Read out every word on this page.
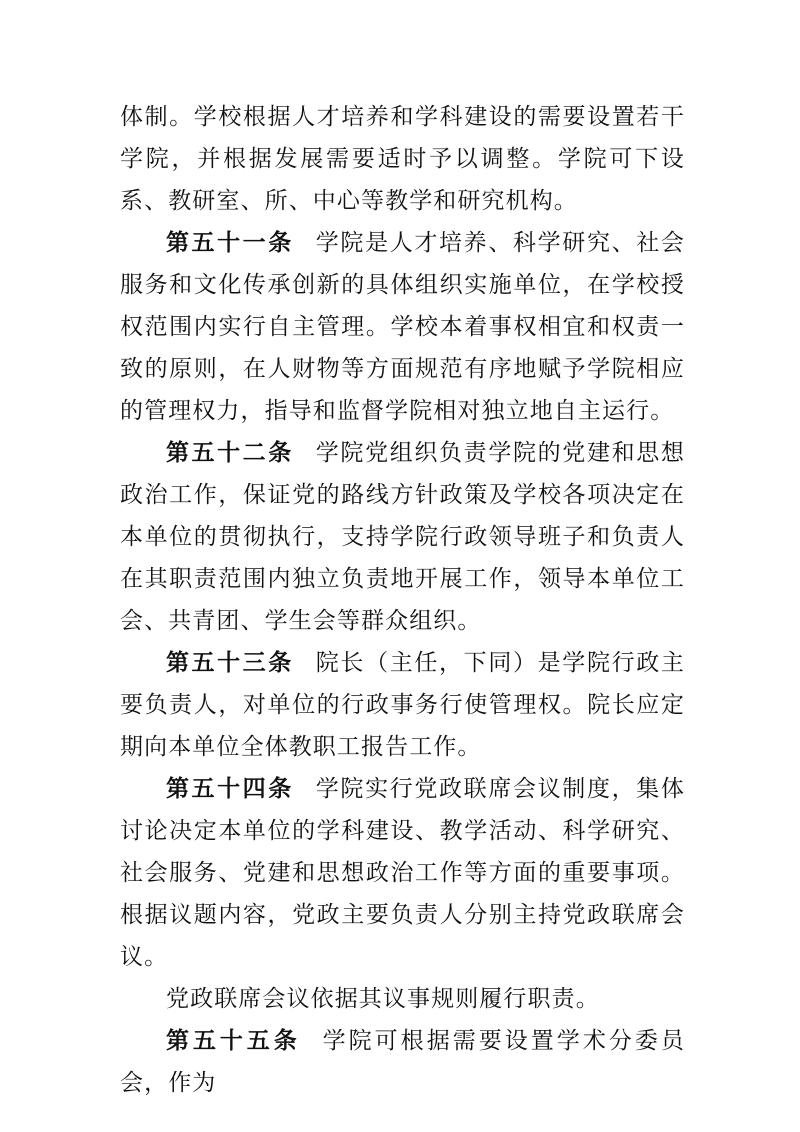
体制。学校根据人才培养和学科建设的需要设置若干学院，并根据发展需要适时予以调整。学院可下设系、教研室、所、中心等教学和研究机构。

第五十一条 学院是人才培养、科学研究、社会服务和文化传承创新的具体组织实施单位，在学校授权范围内实行自主管理。学校本着事权相宜和权责一致的原则，在人财物等方面规范有序地赋予学院相应的管理权力，指导和监督学院相对独立地自主运行。

第五十二条 学院党组织负责学院的党建和思想政治工作，保证党的路线方针政策及学校各项决定在本单位的贯彻执行，支持学院行政领导班子和负责人在其职责范围内独立负责地开展工作，领导本单位工会、共青团、学生会等群众组织。

第五十三条 院长（主任，下同）是学院行政主要负责人，对单位的行政事务行使管理权。院长应定期向本单位全体教职工报告工作。

第五十四条 学院实行党政联席会议制度，集体讨论决定本单位的学科建设、教学活动、科学研究、社会服务、党建和思想政治工作等方面的重要事项。根据议题内容，党政主要负责人分别主持党政联席会议。

党政联席会议依据其议事规则履行职责。

第五十五条 学院可根据需要设置学术分委员会，作为
